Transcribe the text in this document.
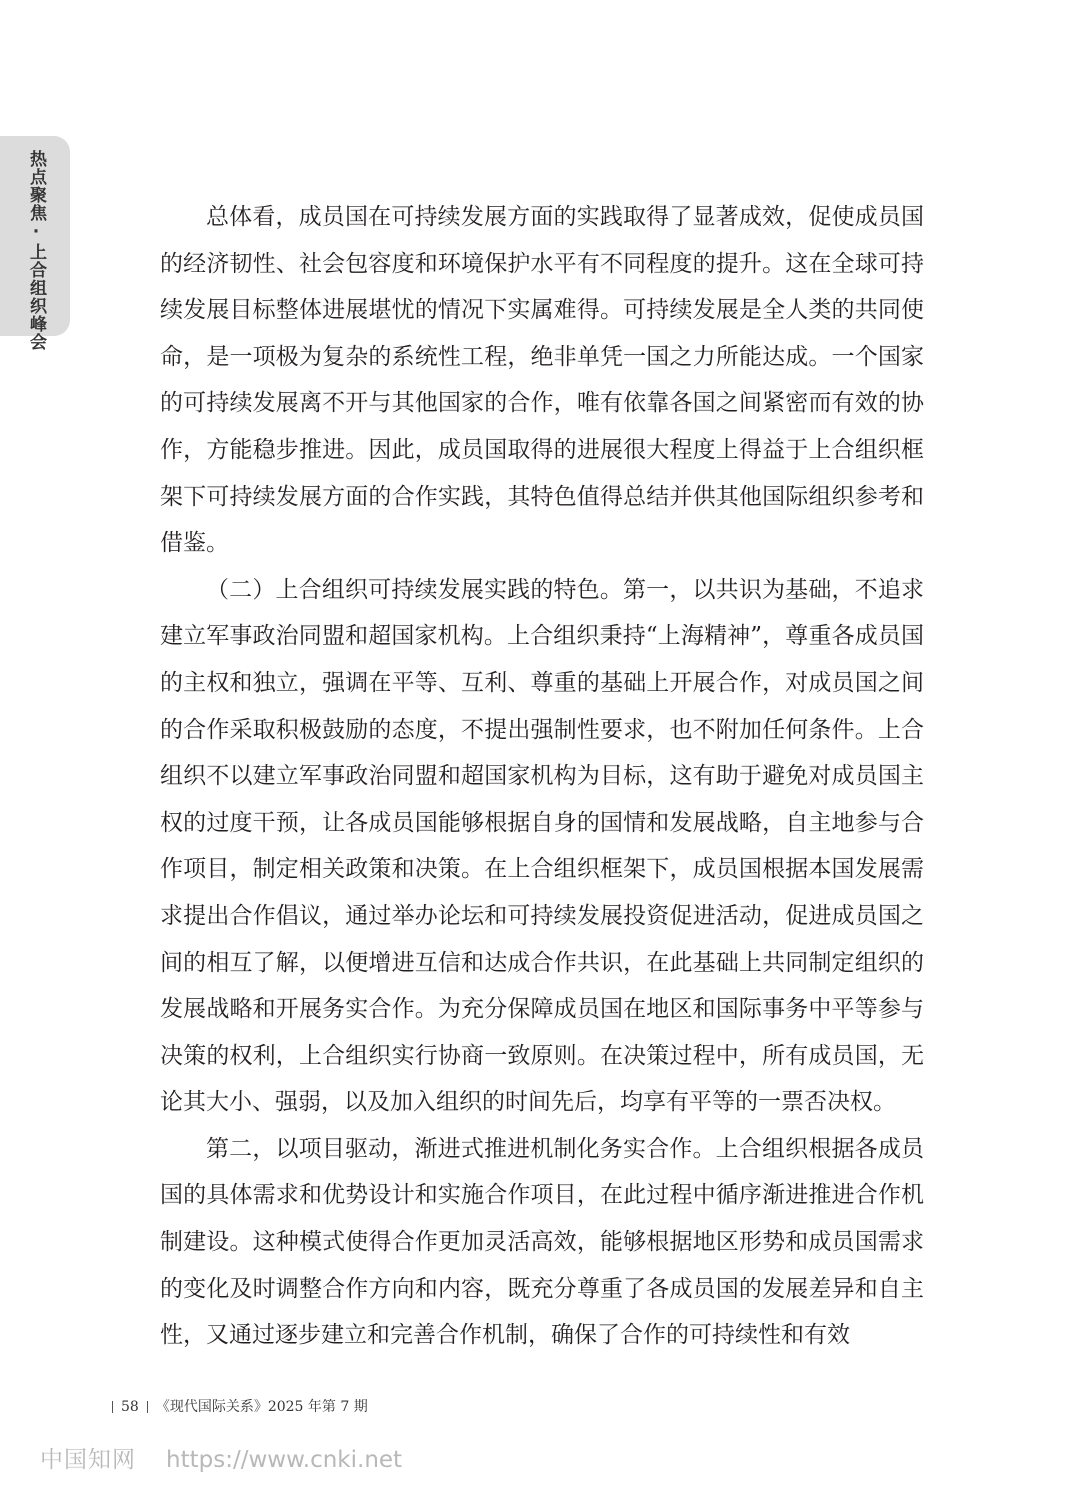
热点聚焦·上合组织峰会	总体看，成员国在可持续发展方面的实践取得了显著成效，促使成员国的经济韧性、社会包容度和环境保护水平有不同程度的提升。这在全球可持续发展目标整体进展堪忧的情况下实属难得。可持续发展是全人类的共同使命，是一项极为复杂的系统性工程，绝非单凭一国之力所能达成。一个国家的可持续发展离不开与其他国家的合作，唯有依靠各国之间紧密而有效的协作，方能稳步推进。因此，成员国取得的进展很大程度上得益于上合组织框架下可持续发展方面的合作实践，其特色值得总结并供其他国际组织参考和借鉴。

（二）上合组织可持续发展实践的特色。第一，以共识为基础，不追求建立军事政治同盟和超国家机构。上合组织秉持“上海精神”，尊重各成员国的主权和独立，强调在平等、互利、尊重的基础上开展合作，对成员国之间的合作采取积极鼓励的态度，不提出强制性要求，也不附加任何条件。上合组织不以建立军事政治同盟和超国家机构为目标，这有助于避免对成员国主权的过度干预，让各成员国能够根据自身的国情和发展战略，自主地参与合作项目，制定相关政策和决策。在上合组织框架下，成员国根据本国发展需求提出合作倡议，通过举办论坛和可持续发展投资促进活动，促进成员国之间的相互了解，以便增进互信和达成合作共识，在此基础上共同制定组织的发展战略和开展务实合作。为充分保障成员国在地区和国际事务中平等参与决策的权利，上合组织实行协商一致原则。在决策过程中，所有成员国，无论其大小、强弱，以及加入组织的时间先后，均享有平等的一票否决权。

第二，以项目驱动，渐进式推进机制化务实合作。上合组织根据各成员国的具体需求和优势设计和实施合作项目，在此过程中循序渐进推进合作机制建设。这种模式使得合作更加灵活高效，能够根据地区形势和成员国需求的变化及时调整合作方向和内容，既充分尊重了各成员国的发展差异和自主性，又通过逐步建立和完善合作机制，确保了合作的可持续性和有效

58 《现代国际关系》2025 年第 7 期
中国知网 https://www.cnki.net
